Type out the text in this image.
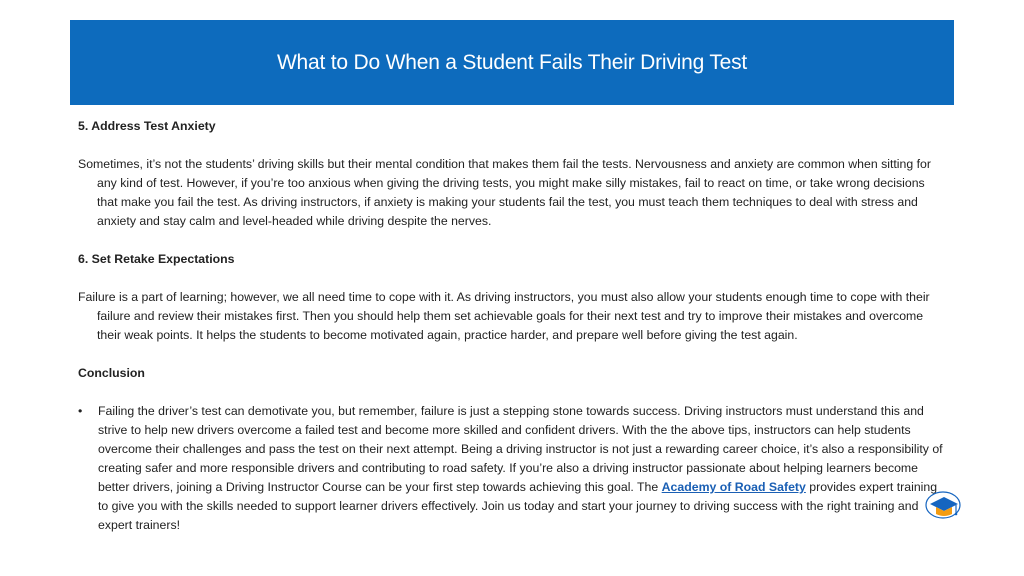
What to Do When a Student Fails Their Driving Test

5. Address Test Anxiety

Sometimes, it’s not the students’ driving skills but their mental condition that makes them fail the tests. Nervousness and anxiety are common when sitting for any kind of test. However, if you’re too anxious when giving the driving tests, you might make silly mistakes, fail to react on time, or take wrong decisions that make you fail the test. As driving instructors, if anxiety is making your students fail the test, you must teach them techniques to deal with stress and anxiety and stay calm and level-headed while driving despite the nerves.

6. Set Retake Expectations

Failure is a part of learning; however, we all need time to cope with it. As driving instructors, you must also allow your students enough time to cope with their failure and review their mistakes first. Then you should help them set achievable goals for their next test and try to improve their mistakes and overcome their weak points. It helps the students to become motivated again, practice harder, and prepare well before giving the test again.

Conclusion

•	Failing the driver’s test can demotivate you, but remember, failure is just a stepping stone towards success. Driving instructors must understand this and strive to help new drivers overcome a failed test and become more skilled and confident drivers. With the the above tips, instructors can help students overcome their challenges and pass the test on their next attempt. Being a driving instructor is not just a rewarding career choice, it’s also a responsibility of creating safer and more responsible drivers and contributing to road safety. If you’re also a driving instructor passionate about helping learners become better drivers, joining a Driving Instructor Course can be your first step towards achieving this goal. The Academy of Road Safety provides expert training to give you with the skills needed to support learner drivers effectively. Join us today and start your journey to driving success with the right training and expert trainers!
